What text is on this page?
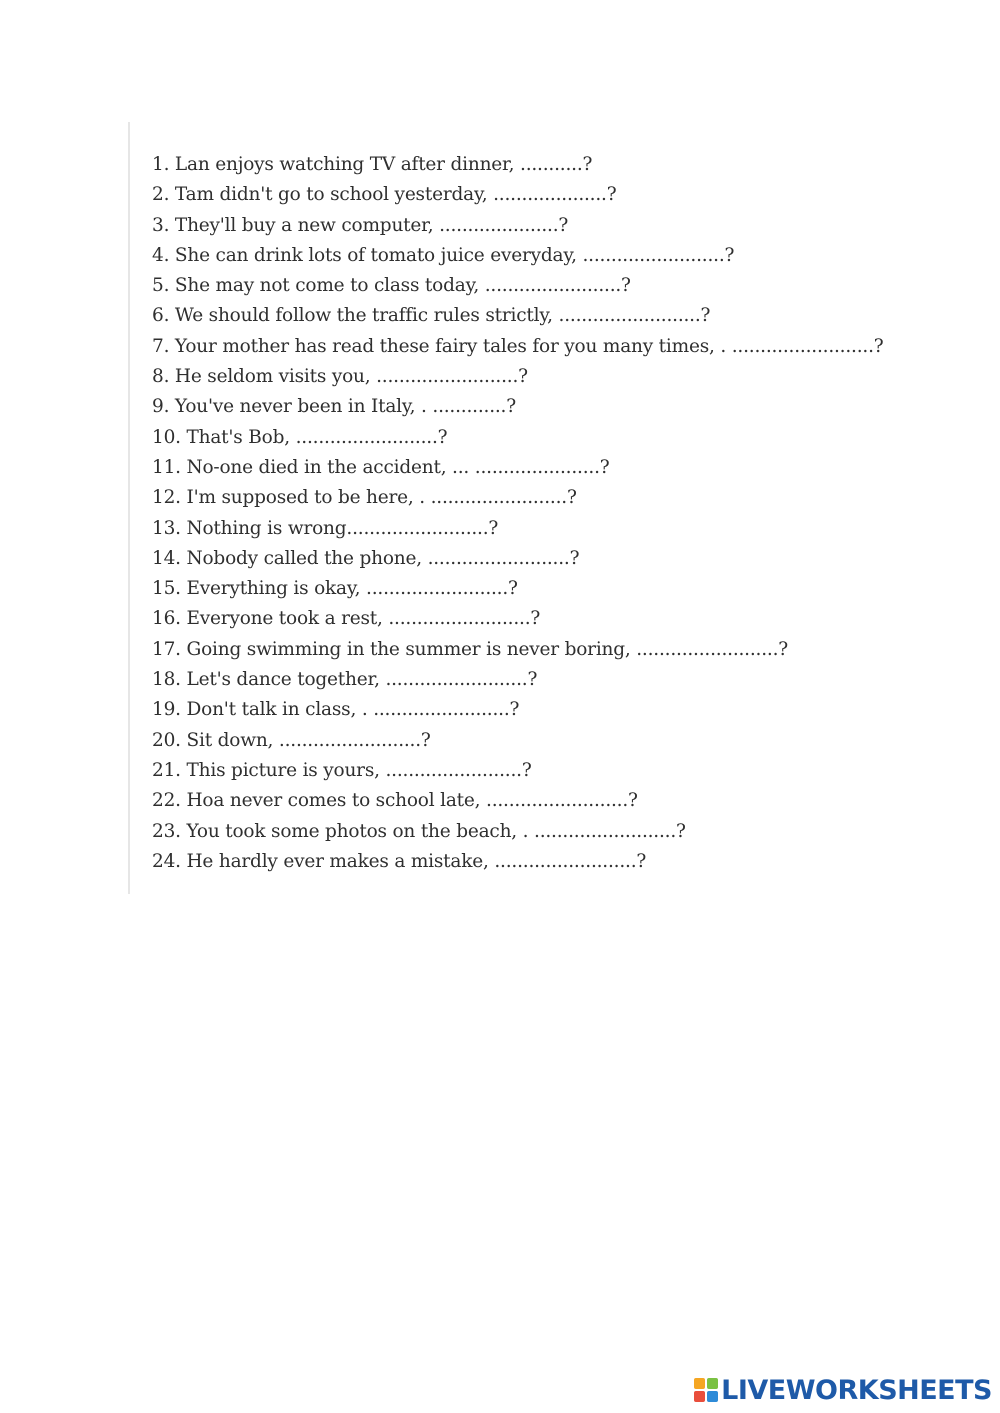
1. Lan enjoys watching TV after dinner, ...........?
2. Tam didn't go to school yesterday, ....................?
3. They'll buy a new computer, .....................?
4. She can drink lots of tomato juice everyday, .........................?
5. She may not come to class today, ........................?
6. We should follow the traffic rules strictly, .........................?
7. Your mother has read these fairy tales for you many times, . .........................?
8. He seldom visits you, .........................?
9. You've never been in Italy, . .............?
10. That's Bob, .........................?
11. No-one died in the accident, ... ......................?
12. I'm supposed to be here, . ........................?
13. Nothing is wrong.........................?
14. Nobody called the phone, .........................?
15. Everything is okay, .........................?
16. Everyone took a rest, .........................?
17. Going swimming in the summer is never boring, .........................?
18. Let's dance together, .........................?
19. Don't talk in class, . ........................?
20. Sit down, .........................?
21. This picture is yours, ........................?
22. Hoa never comes to school late, .........................?
23. You took some photos on the beach, . .........................?
24. He hardly ever makes a mistake, .........................?
LIVEWORKSHEETS
